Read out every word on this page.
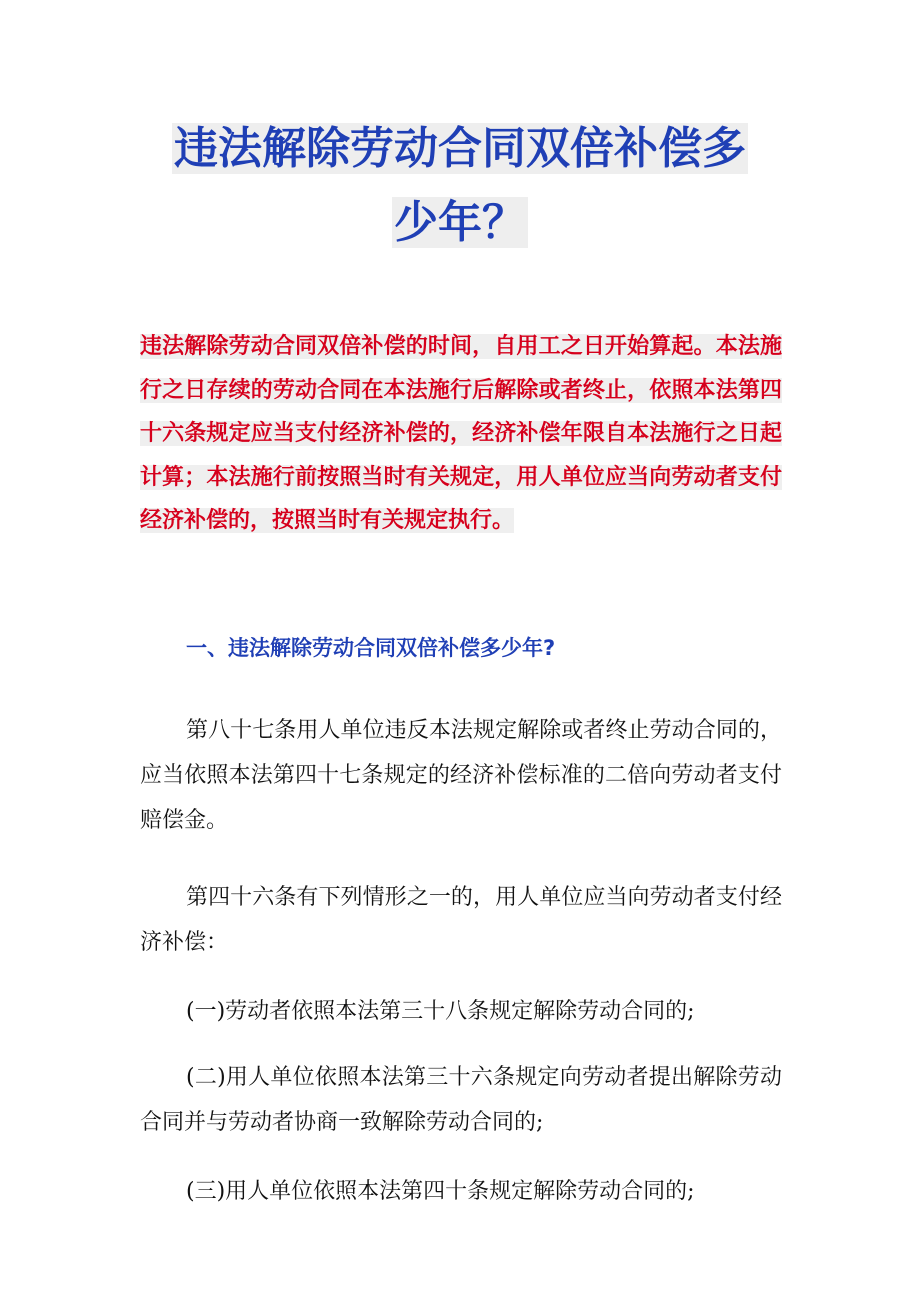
违法解除劳动合同双倍补偿多
少年？
违法解除劳动合同双倍补偿的时间，自用工之日开始算起。本法施行之日存续的劳动合同在本法施行后解除或者终止，依照本法第四十六条规定应当支付经济补偿的，经济补偿年限自本法施行之日起计算；本法施行前按照当时有关规定，用人单位应当向劳动者支付经济补偿的，按照当时有关规定执行。
一、违法解除劳动合同双倍补偿多少年?

第八十七条用人单位违反本法规定解除或者终止劳动合同的，应当依照本法第四十七条规定的经济补偿标准的二倍向劳动者支付赔偿金。

第四十六条有下列情形之一的，用人单位应当向劳动者支付经济补偿：

(一)劳动者依照本法第三十八条规定解除劳动合同的;

(二)用人单位依照本法第三十六条规定向劳动者提出解除劳动合同并与劳动者协商一致解除劳动合同的;

(三)用人单位依照本法第四十条规定解除劳动合同的;
